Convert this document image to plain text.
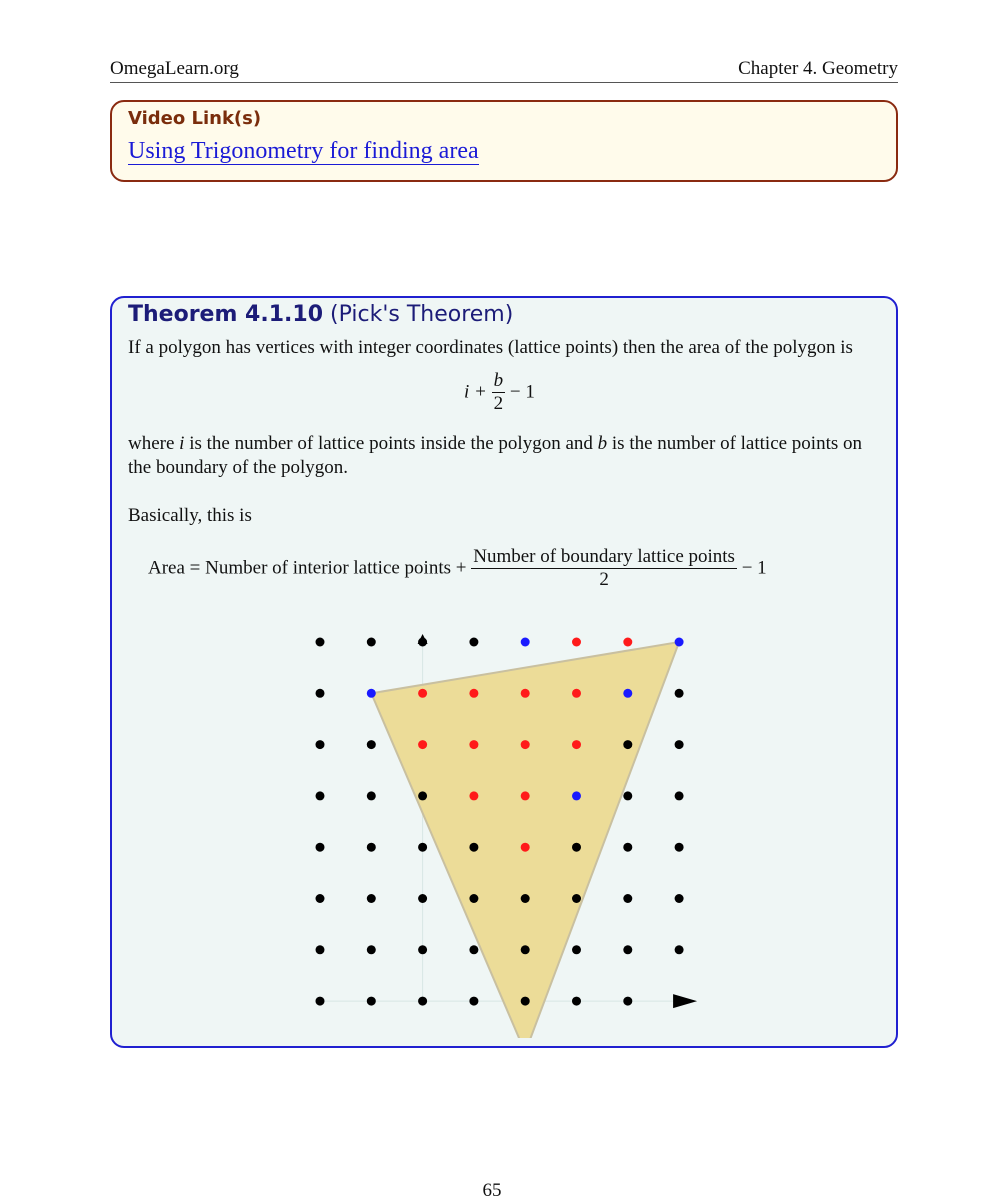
OmegaLearn.org	Chapter 4. Geometry
Video Link(s)
Using Trigonometry for finding area
Theorem 4.1.10 (Pick's Theorem)
If a polygon has vertices with integer coordinates (lattice points) then the area of the polygon is
$i + \frac{b}{2} - 1$
where i is the number of lattice points inside the polygon and b is the number of lattice points on the boundary of the polygon.
Basically, this is
Area = Number of interior lattice points + $\frac{\text{Number of boundary lattice points}}{2} - 1$
65
